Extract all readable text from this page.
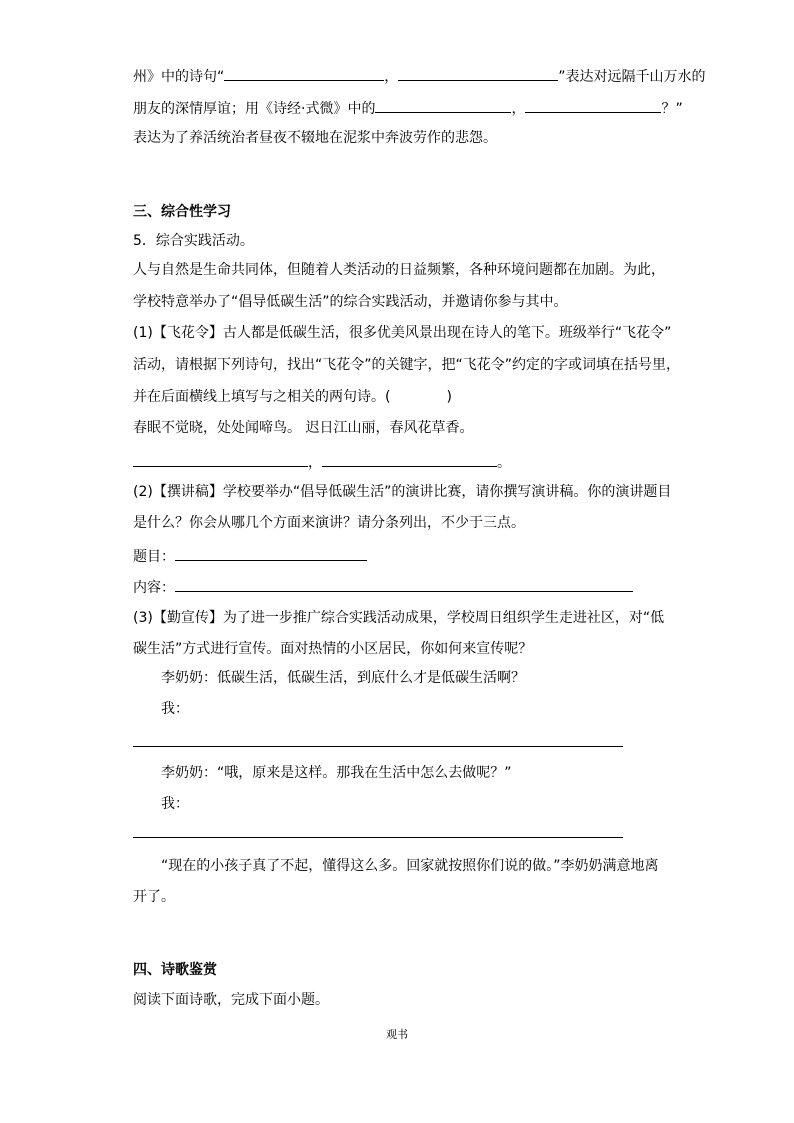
州》中的诗句“	，	”表达对远隔千山万水的
朋友的深情厚谊；用《诗经·式微》中的	，	？”
表达为了养活统治者昼夜不辍地在泥浆中奔波劳作的悲怨。
三、综合性学习
5．综合实践活动。
人与自然是生命共同体，但随着人类活动的日益频繁，各种环境问题都在加剧。为此，
学校特意举办了“倡导低碳生活”的综合实践活动，并邀请你参与其中。
(1)【飞花令】古人都是低碳生活，很多优美风景出现在诗人的笔下。班级举行“飞花令”
活动，请根据下列诗句，找出“飞花令”的关键字，把“飞花令”约定的字或词填在括号里，
并在后面横线上填写与之相关的两句诗。(　　　　)
春眠不觉晓，处处闻啼鸟。 迟日江山丽，春风花草香。
，	。
(2)【撰讲稿】学校要举办“倡导低碳生活”的演讲比赛，请你撰写演讲稿。你的演讲题目
是什么？你会从哪几个方面来演讲？请分条列出，不少于三点。
题目：
内容：
(3)【勤宣传】为了进一步推广综合实践活动成果，学校周日组织学生走进社区，对“低
碳生活”方式进行宣传。面对热情的小区居民，你如何来宣传呢？
李奶奶：低碳生活，低碳生活，到底什么才是低碳生活啊？
我：
李奶奶：“哦，原来是这样。那我在生活中怎么去做呢？”
我：
“现在的小孩子真了不起，懂得这么多。回家就按照你们说的做。”李奶奶满意地离
开了。
四、诗歌鉴赏
阅读下面诗歌，完成下面小题。
观书
